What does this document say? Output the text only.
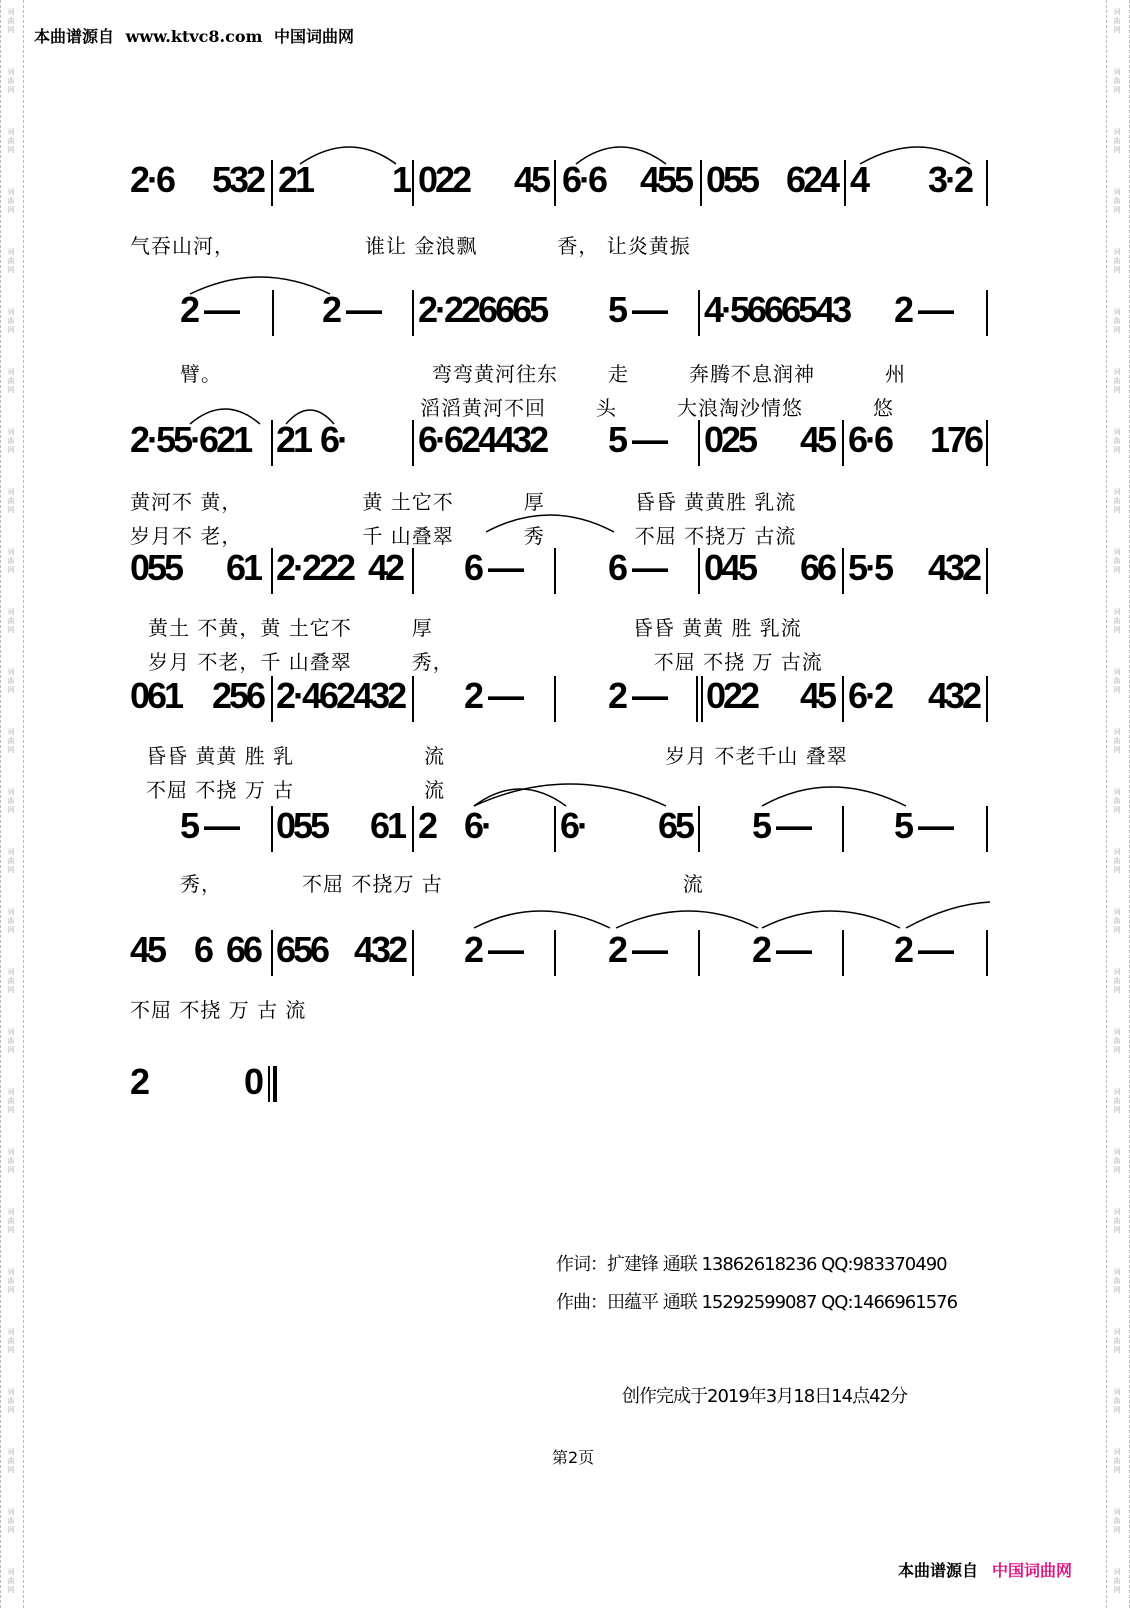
词
曲
网
词
曲
网
词
曲
网
词
曲
网
词
曲
网
词
曲
网
词
曲
网
词
曲
网
词
曲
网
词
曲
网
词
曲
网
词
曲
网
词
曲
网
词
曲
网
词
曲
网
词
曲
网
词
曲
网
词
曲
网
词
曲
网
词
曲
网
词
曲
网
词
曲
网
词
曲
网
词
曲
网
词
曲
网
词
曲
网
词
曲
网
词
曲
网
词
曲
网
词
曲
网
词
曲
网
词
曲
网
词
曲
网
词
曲
网
词
曲
网
词
曲
网
词
曲
网
词
曲
网
词
曲
网
词
曲
网
词
曲
网
词
曲
网
词
曲
网
词
曲
网
词
曲
网
词
曲
网
词
曲
网
词
曲
网
词
曲
网
词
曲
网
词
曲
网
词
曲
网
词
曲
网
词
曲
网
本曲谱源自 www.ktvc8.com 中国词曲网
2·6 532 21 1 022 45 6·6 455 055 624 4 3·2
气吞山河，	谁让 金浪飘	香， 让炎黄振
2 — 2 — 2·226665 5 — 4·5666543 2 —
臂。	弯弯黄河往东	走	奔腾不息润神	州
滔滔黄河不回	头	大浪淘沙情悠	悠
2·55·621 21 6· 6·624432 5 — 025 45 6·6 176
黄河不 黄，	黄 土它不	厚	昏昏 黄黄胜 乳流
岁月不 老，	千 山叠翠	秀	不屈 不挠万 古流
055 61 2·222 42 6 — 6 — 045 66 5·5 432
黄土 不黄，黄 土它不	厚	昏昏 黄黄 胜 乳流
岁月 不老，千 山叠翠	秀，	不屈 不挠 万 古流
061 256 2·462432 2 — 2 — 022 45 6·2 432
昏昏 黄黄 胜 乳	流	岁月 不老千山 叠翠
不屈 不挠 万 古	流
5 — 055 61 2 6· 6· 65 5 — 5 —
秀，	不屈 不挠万 古	流
45 6 66 656 432 2 — 2 — 2 — 2 —
不屈 不挠 万 古 流
2	0
作词：扩建锋 通联 13862618236 QQ:983370490
作曲：田蕴平 通联 15292599087 QQ:1466961576
创作完成于2019年3月18日14点42分
第2页
本曲谱源自 中国词曲网
